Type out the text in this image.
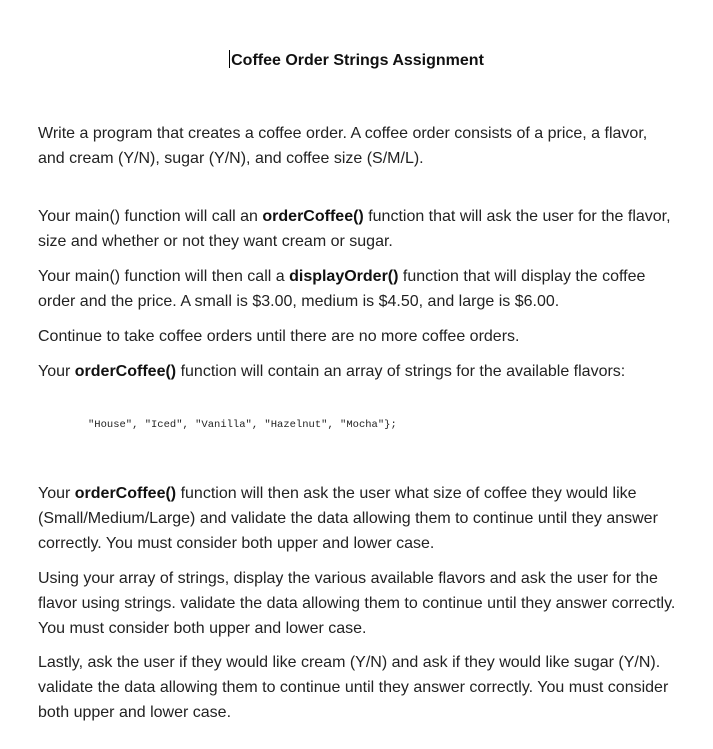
Coffee Order Strings Assignment
Write a program that creates a coffee order. A coffee order consists of a price, a flavor, and cream (Y/N), sugar (Y/N), and coffee size (S/M/L).
Your main() function will call an orderCoffee() function that will ask the user for the flavor, size and whether or not they want cream or sugar.
Your main() function will then call a displayOrder() function that will display the coffee order and the price. A small is $3.00, medium is $4.50, and large is $6.00.
Continue to take coffee orders until there are no more coffee orders.
Your orderCoffee() function will contain an array of strings for the available flavors:
"House", "Iced", "Vanilla", "Hazelnut", "Mocha"};
Your orderCoffee() function will then ask the user what size of coffee they would like (Small/Medium/Large) and validate the data allowing them to continue until they answer correctly. You must consider both upper and lower case.
Using your array of strings, display the various available flavors and ask the user for the flavor using strings. validate the data allowing them to continue until they answer correctly. You must consider both upper and lower case.
Lastly, ask the user if they would like cream (Y/N) and ask if they would like sugar (Y/N). validate the data allowing them to continue until they answer correctly. You must consider both upper and lower case.
